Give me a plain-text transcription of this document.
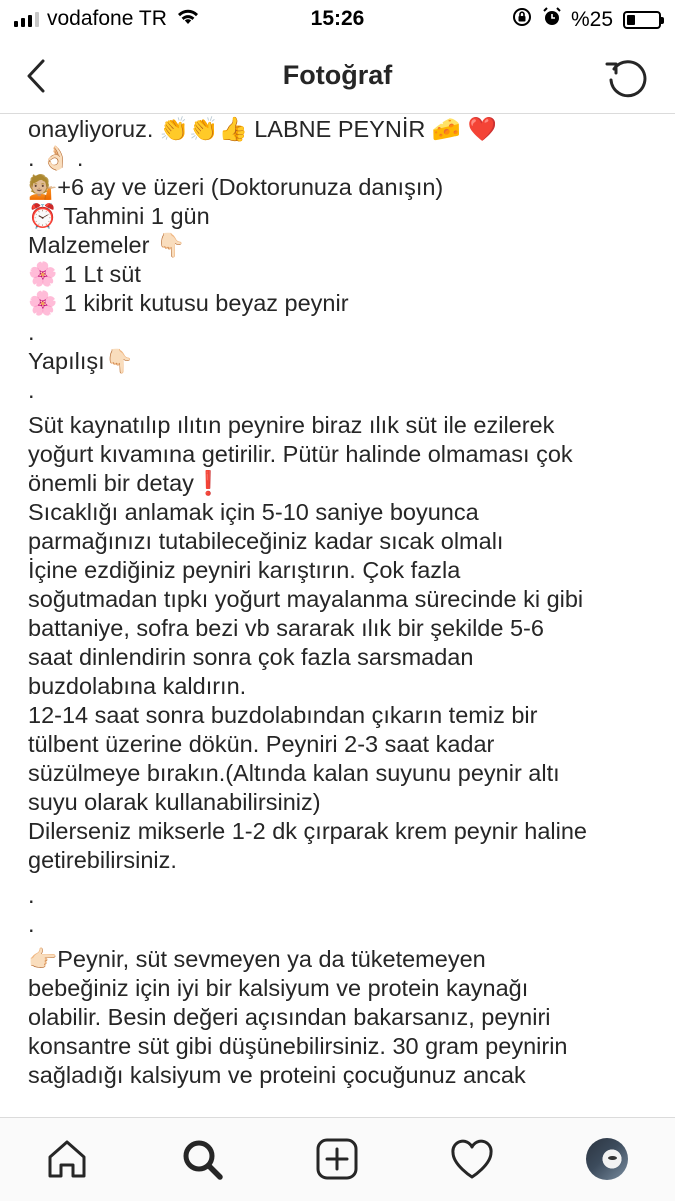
vodafone TR	15:26	%25
Fotoğraf
onayliyoruz. 👏👏👍 LABNE PEYNİR 🧀 ❤️
. 👌🏻 .
💁🏼+6 ay ve üzeri (Doktorunuza danışın)
⏰ Tahmini 1 gün
Malzemeler 👇🏻
🌸 1 Lt süt
🌸 1 kibrit kutusu beyaz peynir
.
Yapılışı👇🏻
.
Süt kaynatılıp ılıtın peynire biraz ılık süt ile ezilerek
yoğurt kıvamına getirilir. Pütür halinde olmaması çok
önemli bir detay❗
Sıcaklığı anlamak için 5-10 saniye boyunca
parmağınızı tutabileceğiniz kadar sıcak olmalı
İçine ezdiğiniz peyniri karıştırın. Çok fazla
soğutmadan tıpkı yoğurt mayalanma sürecinde ki gibi
battaniye, sofra bezi vb sararak ılık bir şekilde 5-6
saat dinlendirin sonra çok fazla sarsmadan
buzdolabına kaldırın.
12-14 saat sonra buzdolabından çıkarın temiz bir
tülbent üzerine dökün. Peyniri 2-3 saat kadar
süzülmeye bırakın.(Altında kalan suyunu peynir altı
suyu olarak kullanabilirsiniz)
Dilerseniz mikserle 1-2 dk çırparak krem peynir haline
getirebilirsiniz.
.
.
👉🏻Peynir, süt sevmeyen ya da tüketemeyen
bebeğiniz için iyi bir kalsiyum ve protein kaynağı
olabilir. Besin değeri açısından bakarsanız, peyniri
konsantre süt gibi düşünebilirsiniz. 30 gram peynirin
sağladığı kalsiyum ve proteini çocuğunuz ancak
